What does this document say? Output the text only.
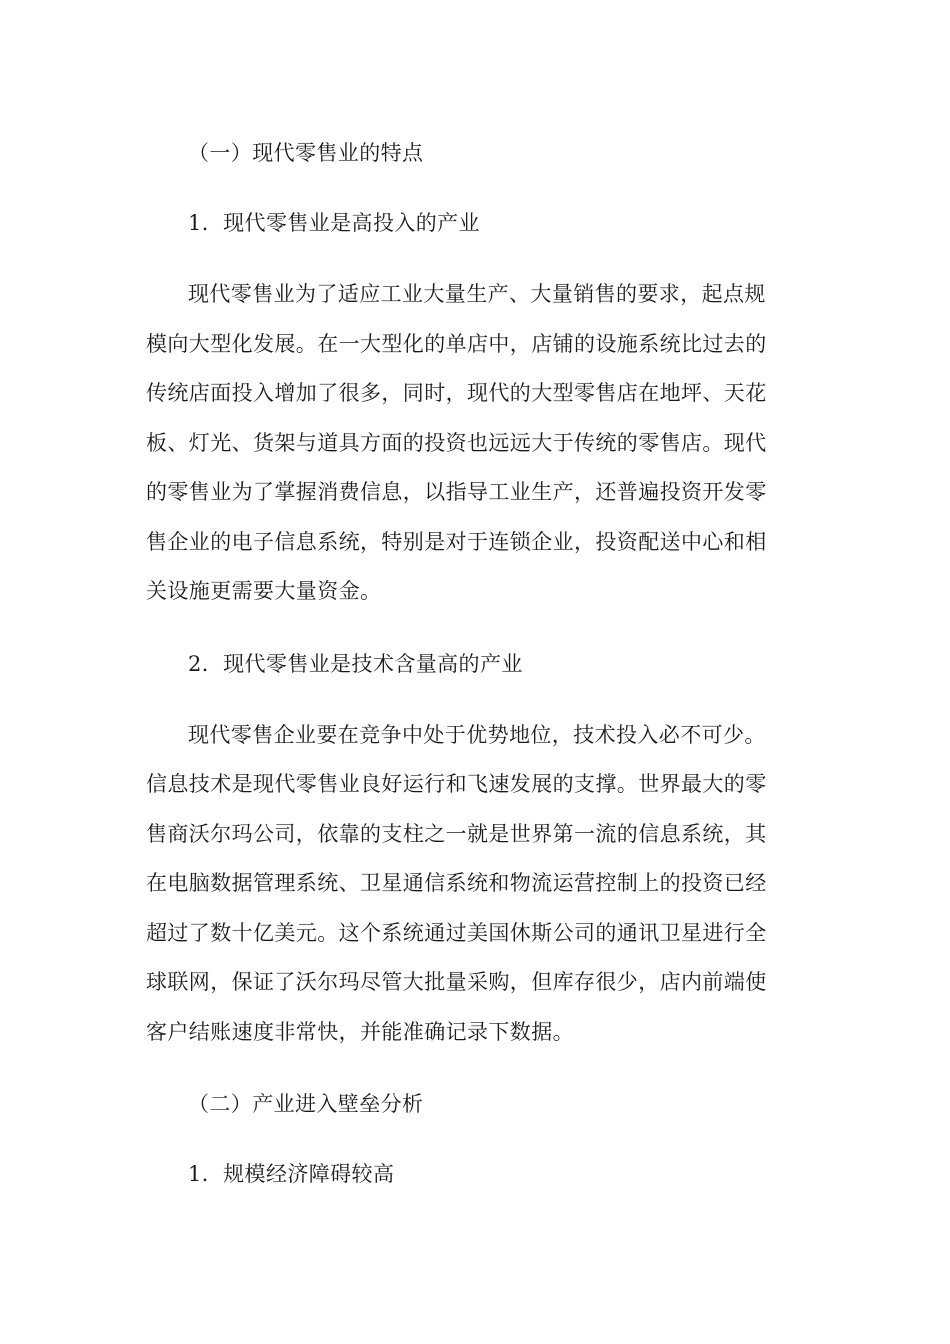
（一）现代零售业的特点
1．现代零售业是高投入的产业
现代零售业为了适应工业大量生产、大量销售的要求，起点规
模向大型化发展。在一大型化的单店中，店铺的设施系统比过去的
传统店面投入增加了很多，同时，现代的大型零售店在地坪、天花
板、灯光、货架与道具方面的投资也远远大于传统的零售店。现代
的零售业为了掌握消费信息，以指导工业生产，还普遍投资开发零
售企业的电子信息系统，特别是对于连锁企业，投资配送中心和相
关设施更需要大量资金。
2．现代零售业是技术含量高的产业
现代零售企业要在竞争中处于优势地位，技术投入必不可少。
信息技术是现代零售业良好运行和飞速发展的支撑。世界最大的零
售商沃尔玛公司，依靠的支柱之一就是世界第一流的信息系统，其
在电脑数据管理系统、卫星通信系统和物流运营控制上的投资已经
超过了数十亿美元。这个系统通过美国休斯公司的通讯卫星进行全
球联网，保证了沃尔玛尽管大批量采购，但库存很少，店内前端使
客户结账速度非常快，并能准确记录下数据。
（二）产业进入壁垒分析
1．规模经济障碍较高
